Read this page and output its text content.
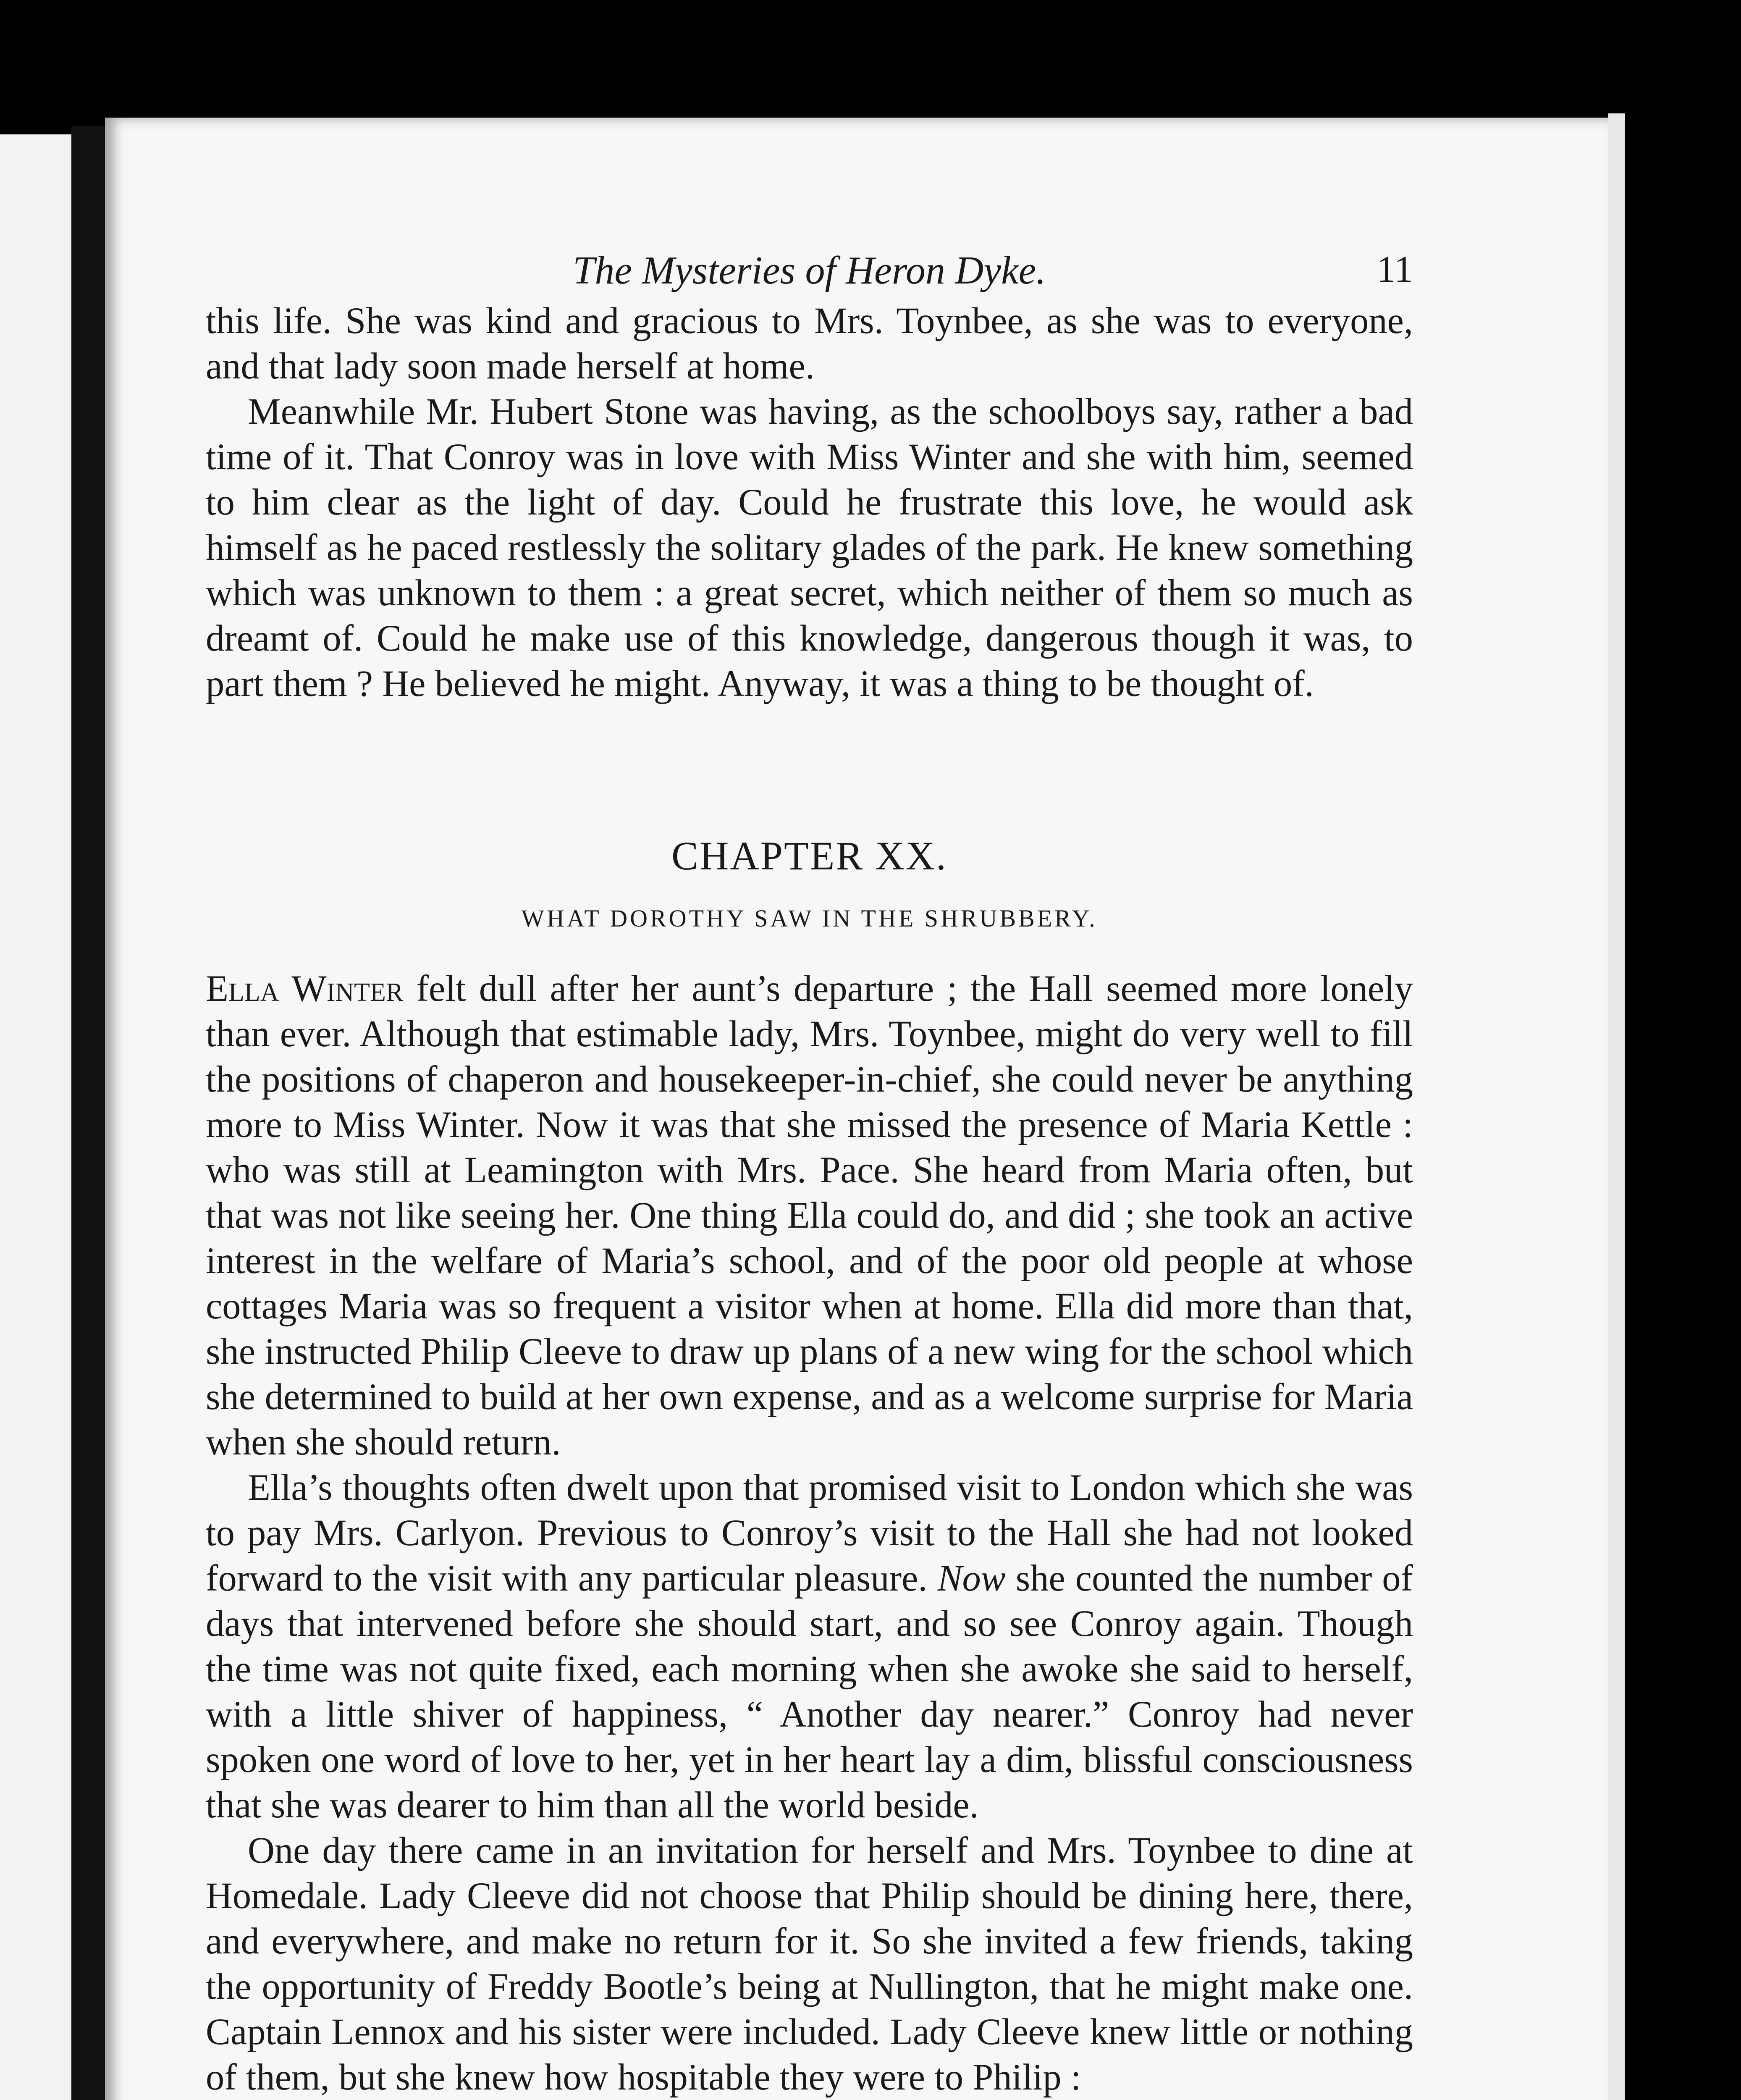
The Mysteries of Heron Dyke.	11

this life. She was kind and gracious to Mrs. Toynbee, as she was to everyone, and that lady soon made herself at home.

Meanwhile Mr. Hubert Stone was having, as the schoolboys say, rather a bad time of it. That Conroy was in love with Miss Winter and she with him, seemed to him clear as the light of day. Could he frustrate this love, he would ask himself as he paced restlessly the solitary glades of the park. He knew something which was unknown to them : a great secret, which neither of them so much as dreamt of. Could he make use of this knowledge, dangerous though it was, to part them ? He believed he might. Anyway, it was a thing to be thought of.

CHAPTER XX.
WHAT DOROTHY SAW IN THE SHRUBBERY.

Ella Winter felt dull after her aunt’s departure ; the Hall seemed more lonely than ever. Although that estimable lady, Mrs. Toynbee, might do very well to fill the positions of chaperon and housekeeper-in-chief, she could never be anything more to Miss Winter. Now it was that she missed the presence of Maria Kettle : who was still at Leamington with Mrs. Pace. She heard from Maria often, but that was not like seeing her. One thing Ella could do, and did ; she took an active interest in the welfare of Maria’s school, and of the poor old people at whose cottages Maria was so frequent a visitor when at home. Ella did more than that, she instructed Philip Cleeve to draw up plans of a new wing for the school which she determined to build at her own expense, and as a welcome surprise for Maria when she should return.

Ella’s thoughts often dwelt upon that promised visit to London which she was to pay Mrs. Carlyon. Previous to Conroy’s visit to the Hall she had not looked forward to the visit with any particular pleasure. Now she counted the number of days that intervened before she should start, and so see Conroy again. Though the time was not quite fixed, each morning when she awoke she said to herself, with a little shiver of happiness, “ Another day nearer.” Conroy had never spoken one word of love to her, yet in her heart lay a dim, blissful consciousness that she was dearer to him than all the world beside.

One day there came in an invitation for herself and Mrs. Toynbee to dine at Homedale. Lady Cleeve did not choose that Philip should be dining here, there, and everywhere, and make no return for it. So she invited a few friends, taking the opportunity of Freddy Bootle’s being at Nullington, that he might make one. Captain Lennox and his sister were included. Lady Cleeve knew little or nothing of them, but she knew how hospitable they were to Philip :
